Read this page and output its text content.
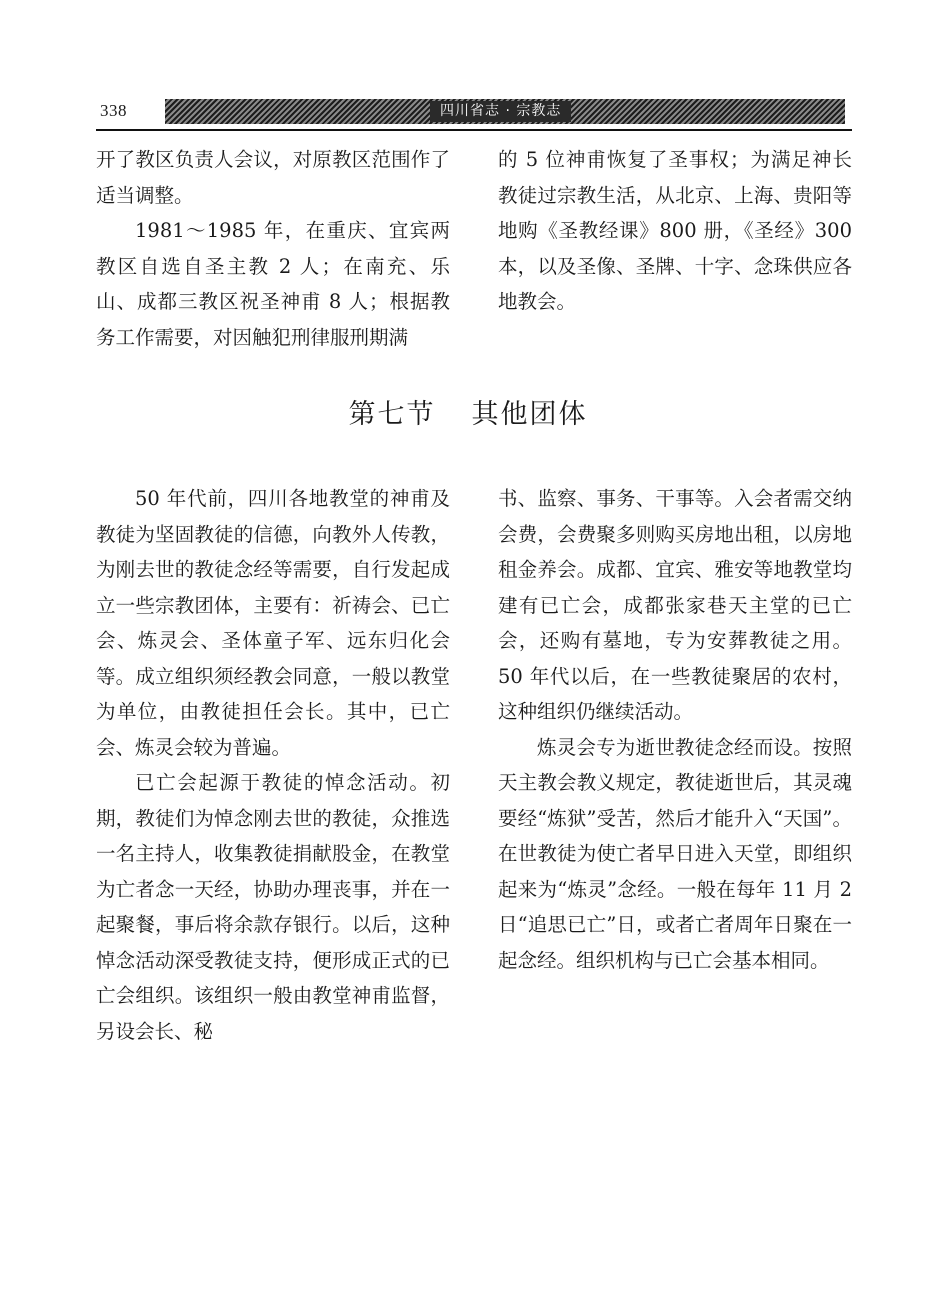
338	四川省志 · 宗教志

开了教区负责人会议，对原教区范围作了适当调整。

1981～1985 年，在重庆、宜宾两教区自选自圣主教 2 人；在南充、乐山、成都三教区祝圣神甫 8 人；根据教务工作需要，对因触犯刑律服刑期满

的 5 位神甫恢复了圣事权；为满足神长教徒过宗教生活，从北京、上海、贵阳等地购《圣教经课》800 册，《圣经》300 本，以及圣像、圣牌、十字、念珠供应各地教会。

第七节 其他团体

50 年代前，四川各地教堂的神甫及教徒为坚固教徒的信德，向教外人传教，为刚去世的教徒念经等需要，自行发起成立一些宗教团体，主要有：祈祷会、已亡会、炼灵会、圣体童子军、远东归化会等。成立组织须经教会同意，一般以教堂为单位，由教徒担任会长。其中，已亡会、炼灵会较为普遍。

已亡会起源于教徒的悼念活动。初期，教徒们为悼念刚去世的教徒，众推选一名主持人，收集教徒捐献股金，在教堂为亡者念一天经，协助办理丧事，并在一起聚餐，事后将余款存银行。以后，这种悼念活动深受教徒支持，便形成正式的已亡会组织。该组织一般由教堂神甫监督，另设会长、秘

书、监察、事务、干事等。入会者需交纳会费，会费聚多则购买房地出租，以房地租金养会。成都、宜宾、雅安等地教堂均建有已亡会，成都张家巷天主堂的已亡会，还购有墓地，专为安葬教徒之用。50 年代以后，在一些教徒聚居的农村，这种组织仍继续活动。

炼灵会专为逝世教徒念经而设。按照天主教会教义规定，教徒逝世后，其灵魂要经“炼狱”受苦，然后才能升入“天国”。在世教徒为使亡者早日进入天堂，即组织起来为“炼灵”念经。一般在每年 11 月 2 日“追思已亡”日，或者亡者周年日聚在一起念经。组织机构与已亡会基本相同。
